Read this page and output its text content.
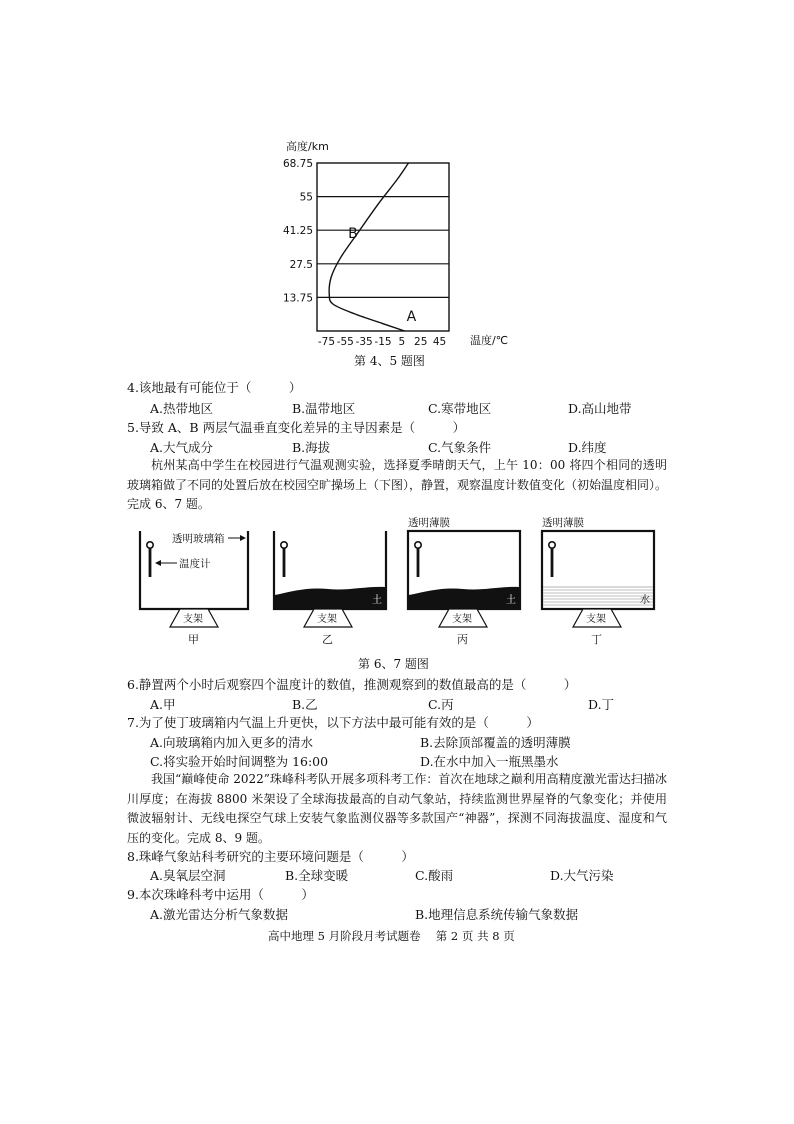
高度/km
68.75
55
41.25
27.5
13.75
-75 -55 -35 -15 5 25 45
A
B
温度/℃
第 4、5 题图
4.该地最有可能位于（　　　）
A.热带地区	B.温带地区	C.寒带地区	D.高山地带
5.导致 A、B 两层气温垂直变化差异的主导因素是（　　　）
A.大气成分	B.海拔	C.气象条件	D.纬度

杭州某高中学生在校园进行气温观测实验，选择夏季晴朗天气，上午 10：00 将四个相同的透明玻璃箱做了不同的处置后放在校园空旷操场上（下图），静置，观察温度计数值变化（初始温度相同）。完成 6、7 题。

透明玻璃箱
温度计
支架
甲
土
支架
乙
透明薄膜
土
支架
丙
透明薄膜
水
支架
丁
第 6、7 题图
6.静置两个小时后观察四个温度计的数值，推测观察到的数值最高的是（　　　）
A.甲	B.乙	C.丙	D.丁
7.为了使丁玻璃箱内气温上升更快，以下方法中最可能有效的是（　　　）
A.向玻璃箱内加入更多的清水	B.去除顶部覆盖的透明薄膜
C.将实验开始时间调整为 16:00	D.在水中加入一瓶黑墨水

我国“巅峰使命 2022”珠峰科考队开展多项科考工作：首次在地球之巅利用高精度激光雷达扫描冰川厚度；在海拔 8800 米架设了全球海拔最高的自动气象站，持续监测世界屋脊的气象变化；并使用微波辐射计、无线电探空气球上安装气象监测仪器等多款国产“神器”，探测不同海拔温度、湿度和气压的变化。完成 8、9 题。

8.珠峰气象站科考研究的主要环境问题是（　　　）
A.臭氧层空洞	B.全球变暖	C.酸雨	D.大气污染
9.本次珠峰科考中运用（　　　）
A.激光雷达分析气象数据	B.地理信息系统传输气象数据
高中地理 5 月阶段月考试题卷　 第 2 页 共 8 页
